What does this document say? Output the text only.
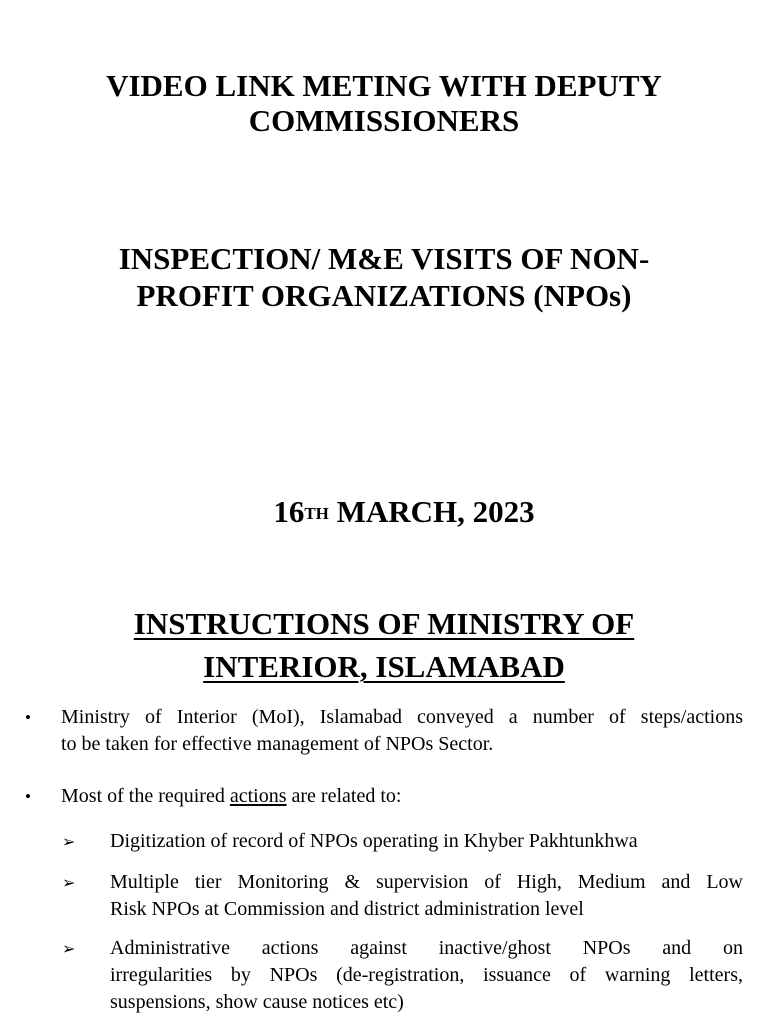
VIDEO LINK METING WITH DEPUTY
COMMISSIONERS
INSPECTION/ M&E VISITS OF NON-
PROFIT ORGANIZATIONS (NPOs)
16TH MARCH, 2023
INSTRUCTIONS OF MINISTRY OF
INTERIOR, ISLAMABAD
• Ministry of Interior (MoI), Islamabad conveyed a number of steps/actions
to be taken for effective management of NPOs Sector.
• Most of the required actions are related to:
➢ Digitization of record of NPOs operating in Khyber Pakhtunkhwa
➢ Multiple tier Monitoring & supervision of High, Medium and Low
Risk NPOs at Commission and district administration level
➢ Administrative actions against inactive/ghost NPOs and on
irregularities by NPOs (de-registration, issuance of warning letters,
suspensions, show cause notices etc)
